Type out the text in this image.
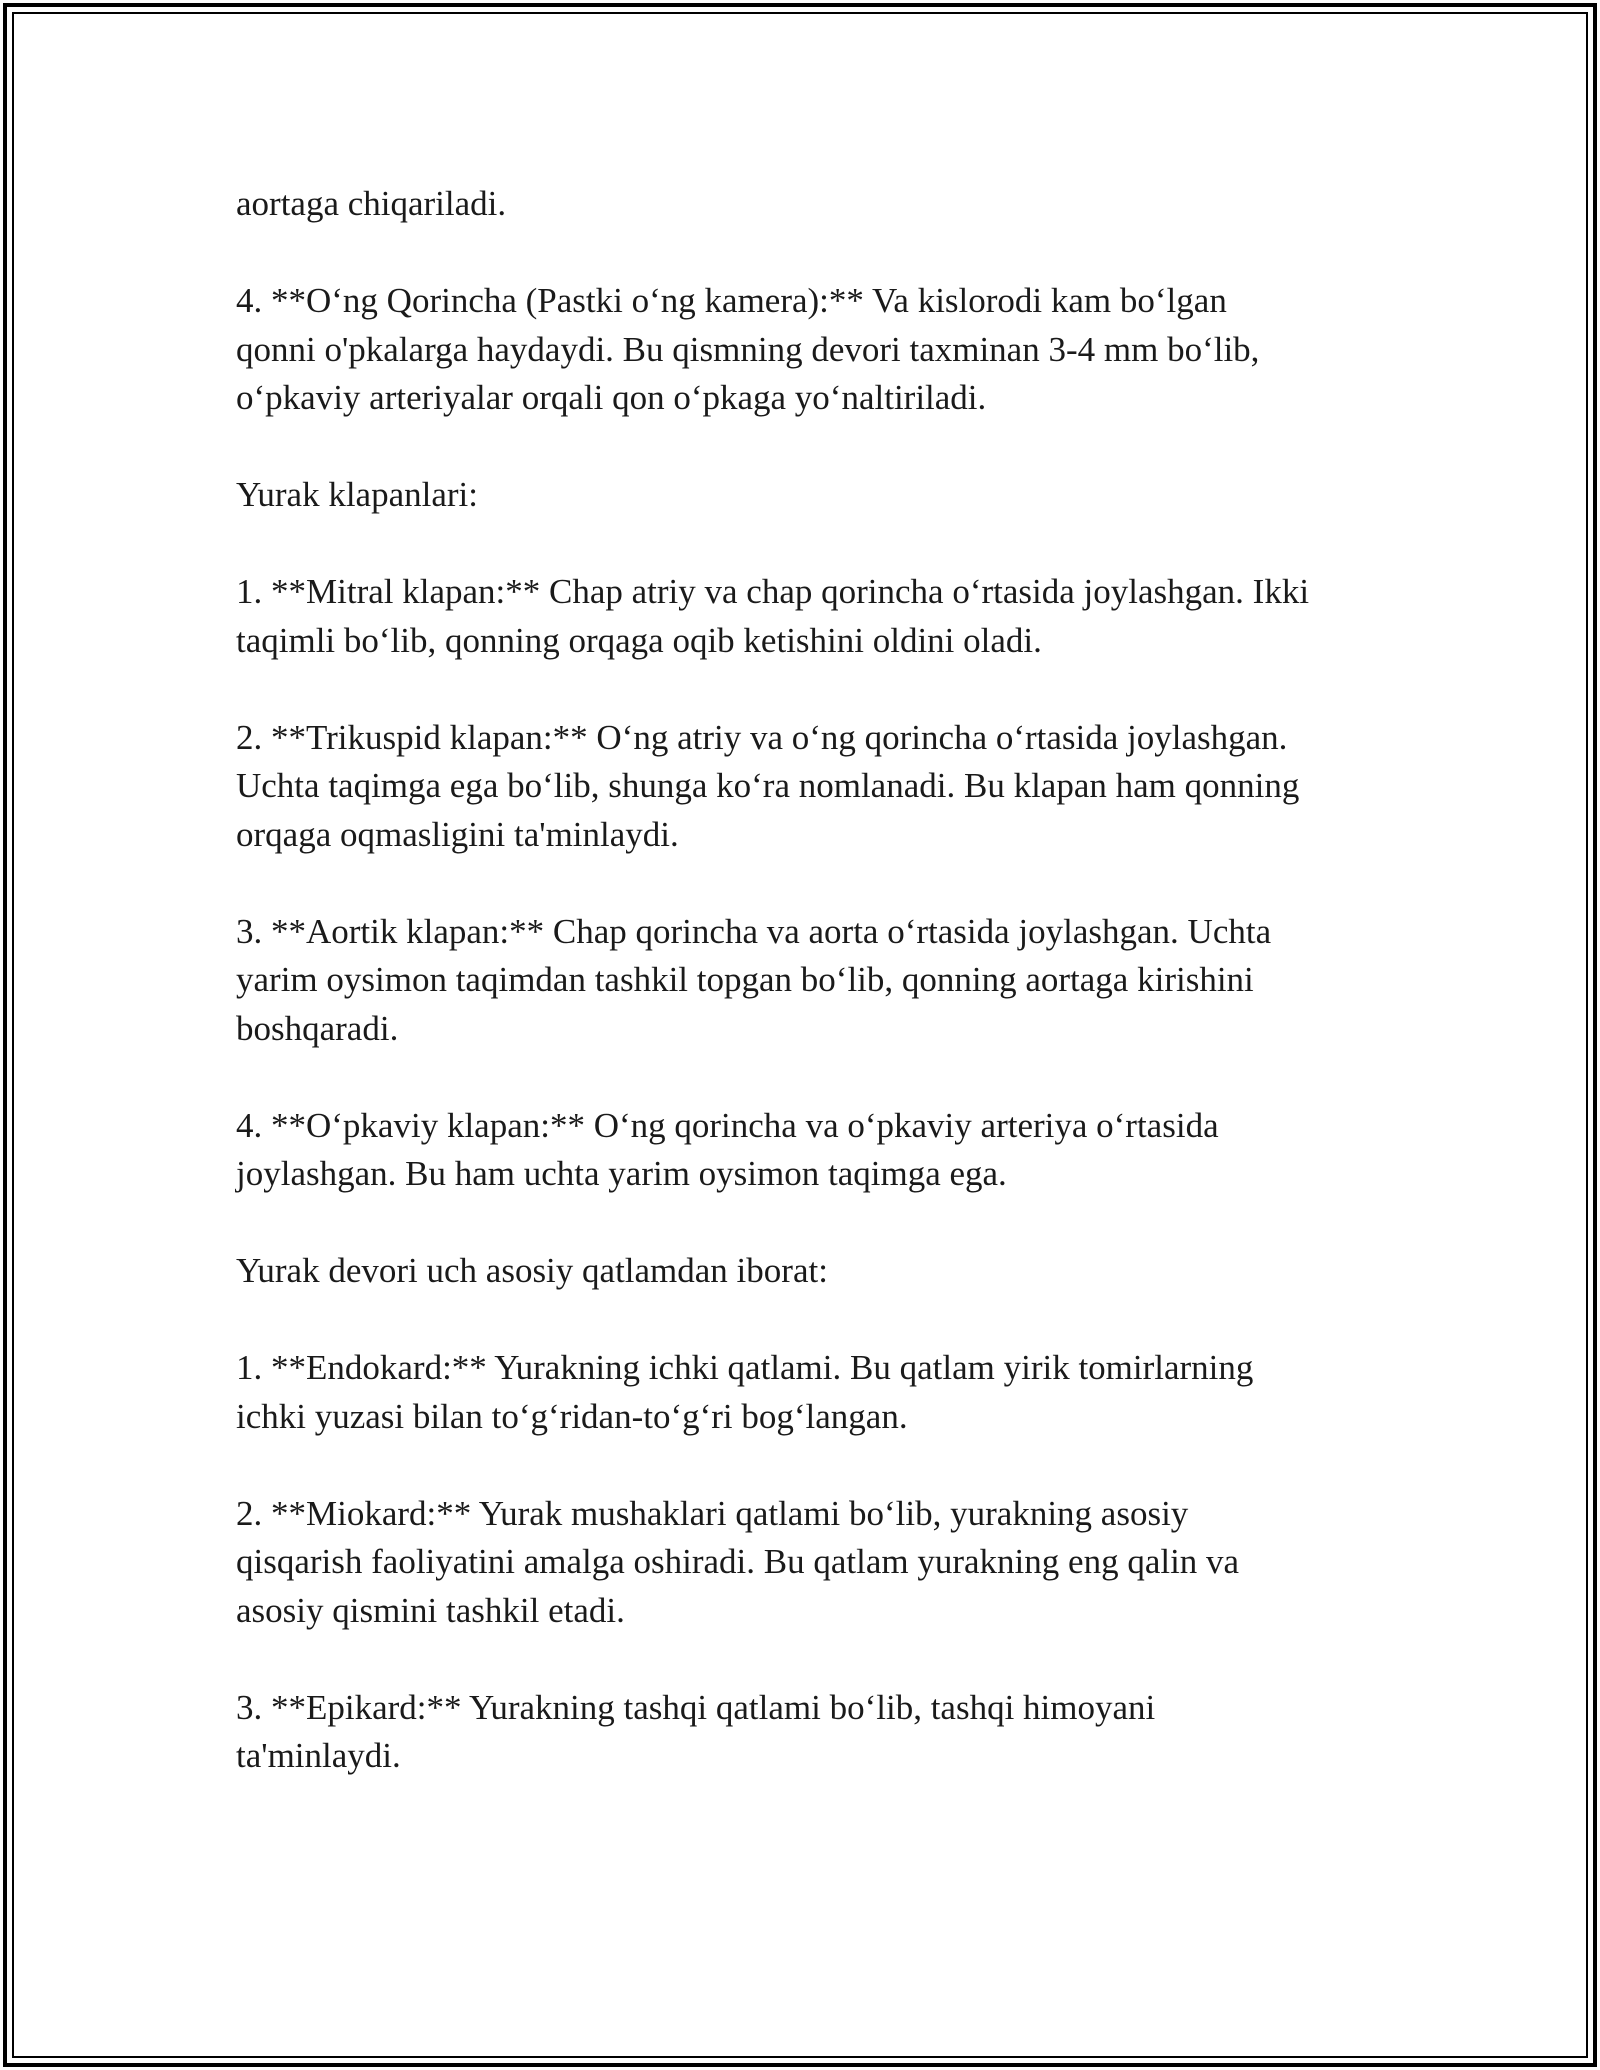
aortaga chiqariladi.

4. **O‘ng Qorincha (Pastki o‘ng kamera):** Va kislorodi kam bo‘lgan
qonni o'pkalarga haydaydi. Bu qismning devori taxminan 3-4 mm bo‘lib,
o‘pkaviy arteriyalar orqali qon o‘pkaga yo‘naltiriladi.

Yurak klapanlari:

1. **Mitral klapan:** Chap atriy va chap qorincha o‘rtasida joylashgan. Ikki
taqimli bo‘lib, qonning orqaga oqib ketishini oldini oladi.

2. **Trikuspid klapan:** O‘ng atriy va o‘ng qorincha o‘rtasida joylashgan.
Uchta taqimga ega bo‘lib, shunga ko‘ra nomlanadi. Bu klapan ham qonning
orqaga oqmasligini ta'minlaydi.

3. **Aortik klapan:** Chap qorincha va aorta o‘rtasida joylashgan. Uchta
yarim oysimon taqimdan tashkil topgan bo‘lib, qonning aortaga kirishini
boshqaradi.

4. **O‘pkaviy klapan:** O‘ng qorincha va o‘pkaviy arteriya o‘rtasida
joylashgan. Bu ham uchta yarim oysimon taqimga ega.

Yurak devori uch asosiy qatlamdan iborat:

1. **Endokard:** Yurakning ichki qatlami. Bu qatlam yirik tomirlarning
ichki yuzasi bilan to‘g‘ridan-to‘g‘ri bog‘langan.

2. **Miokard:** Yurak mushaklari qatlami bo‘lib, yurakning asosiy
qisqarish faoliyatini amalga oshiradi. Bu qatlam yurakning eng qalin va
asosiy qismini tashkil etadi.

3. **Epikard:** Yurakning tashqi qatlami bo‘lib, tashqi himoyani
ta'minlaydi.
